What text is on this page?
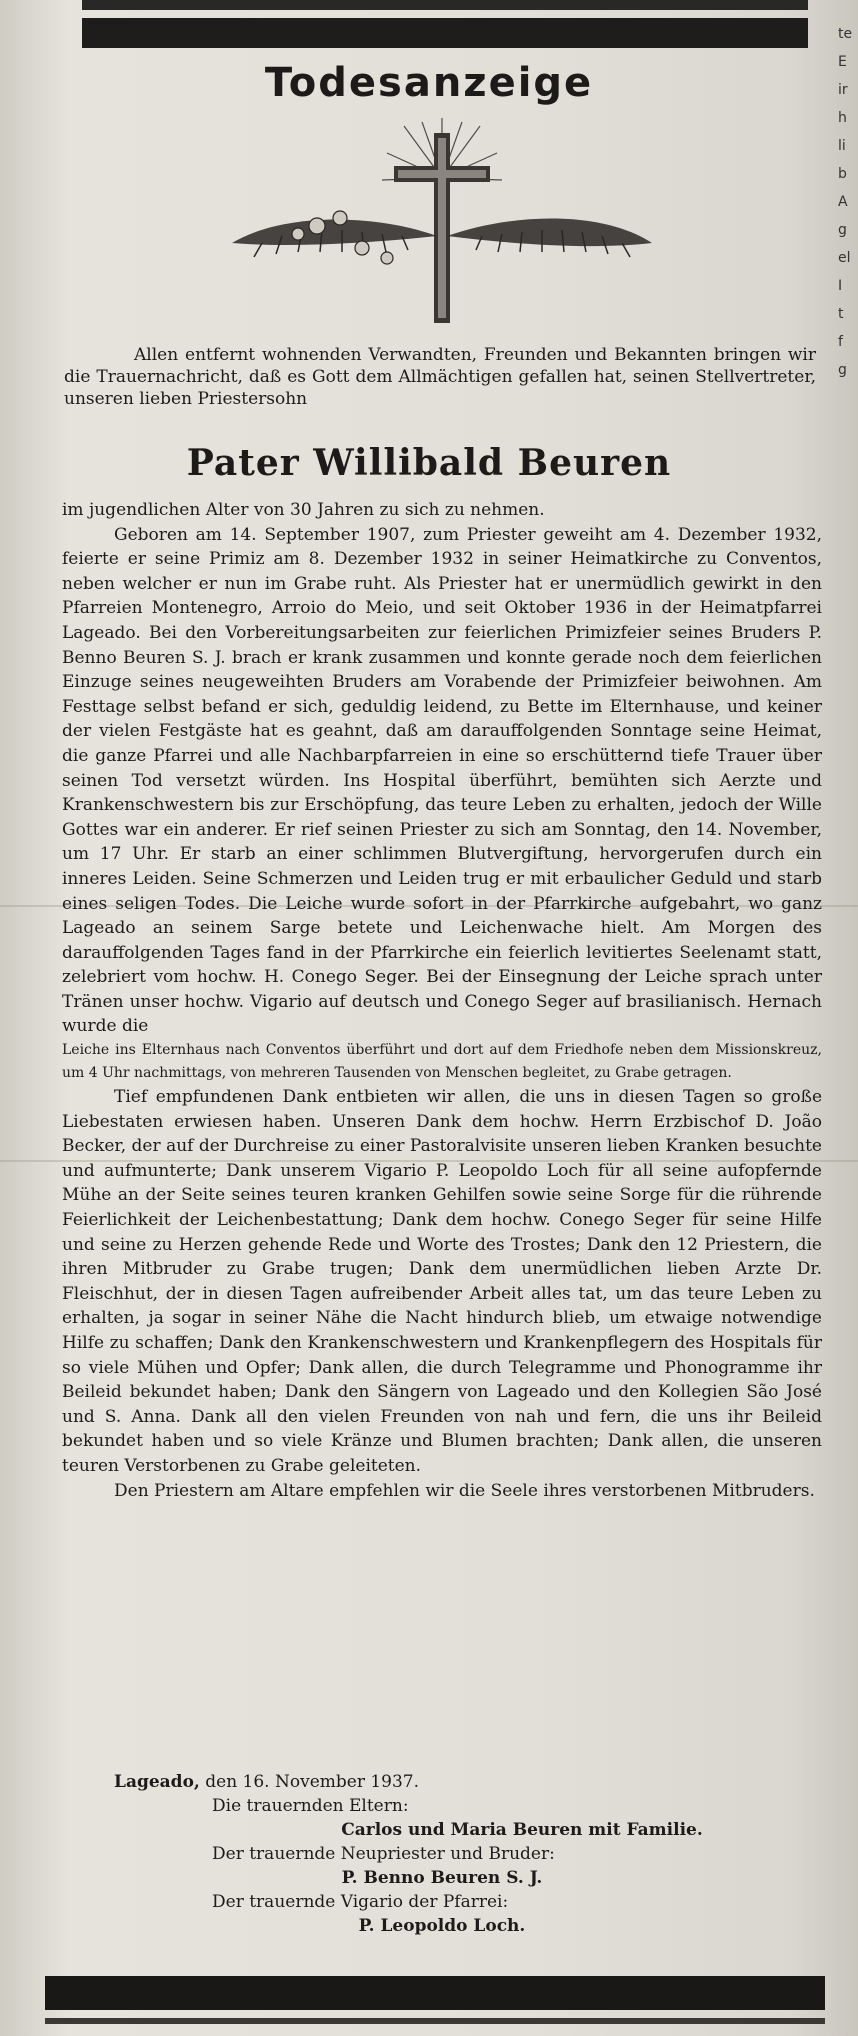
te
E
ir
h
li
b
A
g
el
I
t
f
g
Todesanzeige

Allen entfernt wohnenden Verwandten, Freunden und Bekannten bringen wir die Trauernachricht, daß es Gott dem Allmächtigen gefallen hat, seinen Stellvertreter, unseren lieben Priestersohn

Pater Willibald Beuren

im jugendlichen Alter von 30 Jahren zu sich zu nehmen.

Geboren am 14. September 1907, zum Priester geweiht am 4. Dezember 1932, feierte er seine Primiz am 8. Dezember 1932 in seiner Heimatkirche zu Conventos, neben welcher er nun im Grabe ruht. Als Priester hat er unermüdlich gewirkt in den Pfarreien Montenegro, Arroio do Meio, und seit Oktober 1936 in der Heimatpfarrei Lageado. Bei den Vorbereitungsarbeiten zur feierlichen Primizfeier seines Bruders P. Benno Beuren S. J. brach er krank zusammen und konnte gerade noch dem feierlichen Einzuge seines neugeweihten Bruders am Vorabende der Primizfeier beiwohnen. Am Festtage selbst befand er sich, geduldig leidend, zu Bette im Elternhause, und keiner der vielen Festgäste hat es geahnt, daß am darauffolgenden Sonntage seine Heimat, die ganze Pfarrei und alle Nachbarpfarreien in eine so erschütternd tiefe Trauer über seinen Tod versetzt würden. Ins Hospital überführt, bemühten sich Aerzte und Krankenschwestern bis zur Erschöpfung, das teure Leben zu erhalten, jedoch der Wille Gottes war ein anderer. Er rief seinen Priester zu sich am Sonntag, den 14. November, um 17 Uhr. Er starb an einer schlimmen Blutvergiftung, hervorgerufen durch ein inneres Leiden. Seine Schmerzen und Leiden trug er mit erbaulicher Geduld und starb eines seligen Todes. Die Leiche wurde sofort in der Pfarrkirche aufgebahrt, wo ganz Lageado an seinem Sarge betete und Leichenwache hielt. Am Morgen des darauffolgenden Tages fand in der Pfarrkirche ein feierlich levitiertes Seelenamt statt, zelebriert vom hochw. H. Conego Seger. Bei der Einsegnung der Leiche sprach unter Tränen unser hochw. Vigario auf deutsch und Conego Seger auf brasilianisch. Hernach wurde die

Leiche ins Elternhaus nach Conventos überführt und dort auf dem Friedhofe neben dem Missionskreuz, um 4 Uhr nachmittags, von mehreren Tausenden von Menschen begleitet, zu Grabe getragen.

Tief empfundenen Dank entbieten wir allen, die uns in diesen Tagen so große Liebestaten erwiesen haben. Unseren Dank dem hochw. Herrn Erzbischof D. João Becker, der auf der Durchreise zu einer Pastoralvisite unseren lieben Kranken besuchte und aufmunterte; Dank unserem Vigario P. Leopoldo Loch für all seine aufopfernde Mühe an der Seite seines teuren kranken Gehilfen sowie seine Sorge für die rührende Feierlichkeit der Leichenbestattung; Dank dem hochw. Conego Seger für seine Hilfe und seine zu Herzen gehende Rede und Worte des Trostes; Dank den 12 Priestern, die ihren Mitbruder zu Grabe trugen; Dank dem unermüdlichen lieben Arzte Dr. Fleischhut, der in diesen Tagen aufreibender Arbeit alles tat, um das teure Leben zu erhalten, ja sogar in seiner Nähe die Nacht hindurch blieb, um etwaige notwendige Hilfe zu schaffen; Dank den Krankenschwestern und Krankenpflegern des Hospitals für so viele Mühen und Opfer; Dank allen, die durch Telegramme und Phonogramme ihr Beileid bekundet haben; Dank den Sängern von Lageado und den Kollegien São José und S. Anna. Dank all den vielen Freunden von nah und fern, die uns ihr Beileid bekundet haben und so viele Kränze und Blumen brachten; Dank allen, die unseren teuren Verstorbenen zu Grabe geleiteten.

Den Priestern am Altare empfehlen wir die Seele ihres verstorbenen Mitbruders.

Lageado, den 16. November 1937.

Die trauernden Eltern:

Carlos und Maria Beuren mit Familie.

Der trauernde Neupriester und Bruder:

P. Benno Beuren S. J.

Der trauernde Vigario der Pfarrei:

P. Leopoldo Loch.
